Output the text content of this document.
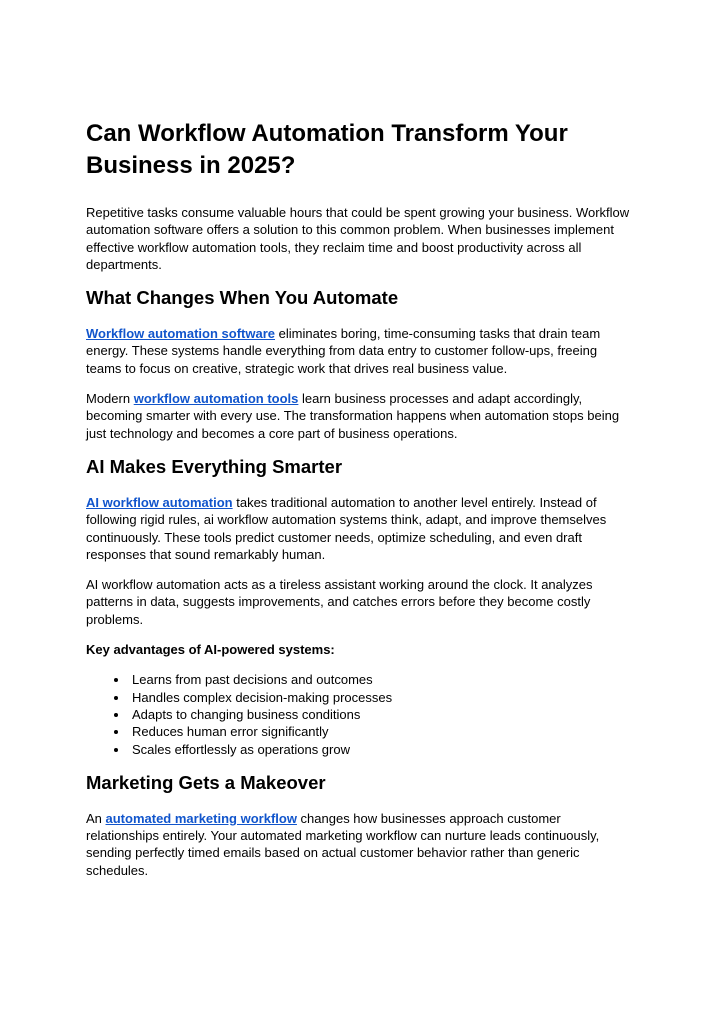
Can Workflow Automation Transform Your Business in 2025?

Repetitive tasks consume valuable hours that could be spent growing your business. Workflow automation software offers a solution to this common problem. When businesses implement effective workflow automation tools, they reclaim time and boost productivity across all departments.

What Changes When You Automate

Workflow automation software eliminates boring, time-consuming tasks that drain team energy. These systems handle everything from data entry to customer follow-ups, freeing teams to focus on creative, strategic work that drives real business value.

Modern workflow automation tools learn business processes and adapt accordingly, becoming smarter with every use. The transformation happens when automation stops being just technology and becomes a core part of business operations.

AI Makes Everything Smarter

AI workflow automation takes traditional automation to another level entirely. Instead of following rigid rules, ai workflow automation systems think, adapt, and improve themselves continuously. These tools predict customer needs, optimize scheduling, and even draft responses that sound remarkably human.

AI workflow automation acts as a tireless assistant working around the clock. It analyzes patterns in data, suggests improvements, and catches errors before they become costly problems.

Key advantages of AI-powered systems:

• Learns from past decisions and outcomes
• Handles complex decision-making processes
• Adapts to changing business conditions
• Reduces human error significantly
• Scales effortlessly as operations grow
Marketing Gets a Makeover

An automated marketing workflow changes how businesses approach customer relationships entirely. Your automated marketing workflow can nurture leads continuously, sending perfectly timed emails based on actual customer behavior rather than generic schedules.
